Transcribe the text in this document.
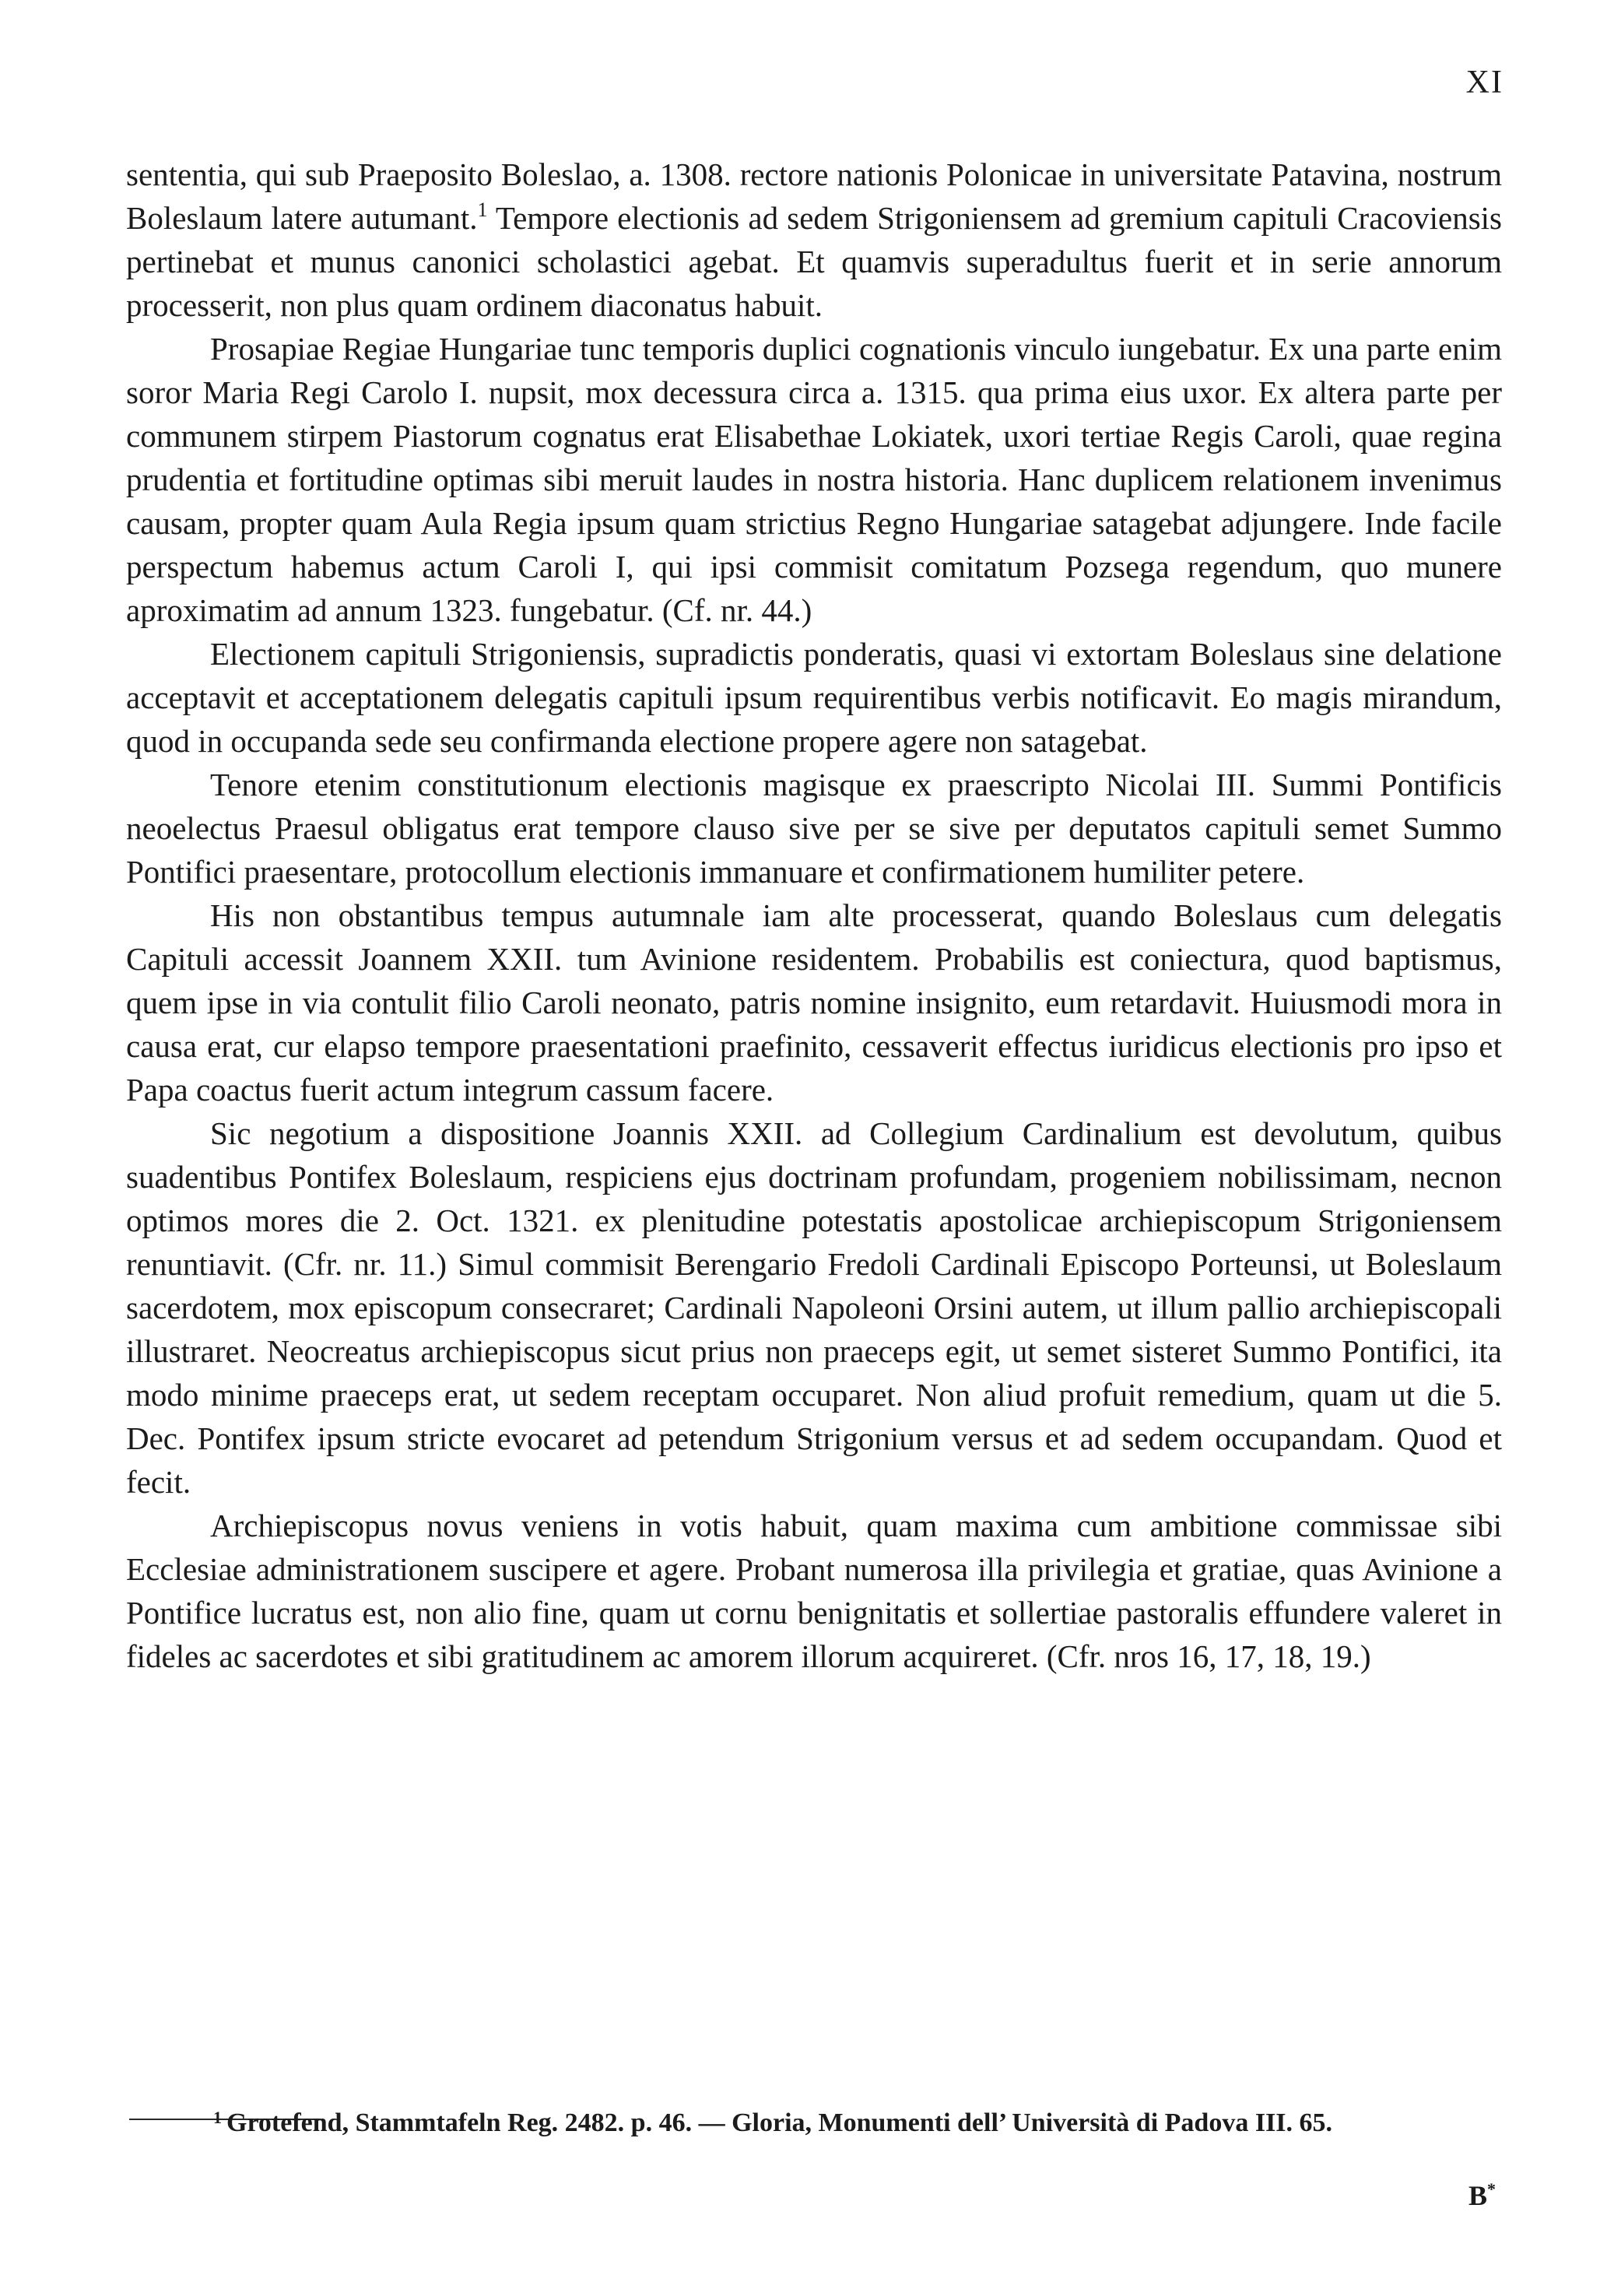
XI

sententia, qui sub Praeposito Boleslao, a. 1308. rectore nationis Polonicae in universitate Patavina, nostrum Boleslaum latere autumant.$^1$ Tempore electionis ad sedem Strigoniensem ad gremium capituli Cracoviensis pertinebat et munus canonici scholastici agebat. Et quamvis superadultus fuerit et in serie annorum processerit, non plus quam ordinem diaconatus habuit.

Prosapiae Regiae Hungariae tunc temporis duplici cognationis vinculo iungebatur. Ex una parte enim soror Maria Regi Carolo I. nupsit, mox decessura circa a. 1315. qua prima eius uxor. Ex altera parte per communem stirpem Piastorum cognatus erat Elisabethae Lokiatek, uxori tertiae Regis Caroli, quae regina prudentia et fortitudine optimas sibi meruit laudes in nostra historia. Hanc duplicem relationem invenimus causam, propter quam Aula Regia ipsum quam strictius Regno Hungariae satagebat adjungere. Inde facile perspectum habemus actum Caroli I, qui ipsi commisit comitatum Pozsega regendum, quo munere aproximatim ad annum 1323. fungebatur. (Cf. nr. 44.)

Electionem capituli Strigoniensis, supradictis ponderatis, quasi vi extortam Boleslaus sine delatione acceptavit et acceptationem delegatis capituli ipsum requirentibus verbis notificavit. Eo magis mirandum, quod in occupanda sede seu confirmanda electione propere agere non satagebat.

Tenore etenim constitutionum electionis magisque ex praescripto Nicolai III. Summi Pontificis neoelectus Praesul obligatus erat tempore clauso sive per se sive per deputatos capituli semet Summo Pontifici praesentare, protocollum electionis immanuare et confirmationem humiliter petere.

His non obstantibus tempus autumnale iam alte processerat, quando Boleslaus cum delegatis Capituli accessit Joannem XXII. tum Avinione residentem. Probabilis est coniectura, quod baptismus, quem ipse in via contulit filio Caroli neonato, patris nomine insignito, eum retardavit. Huiusmodi mora in causa erat, cur elapso tempore praesentationi praefinito, cessaverit effectus iuridicus electionis pro ipso et Papa coactus fuerit actum integrum cassum facere.

Sic negotium a dispositione Joannis XXII. ad Collegium Cardinalium est devolutum, quibus suadentibus Pontifex Boleslaum, respiciens ejus doctrinam profundam, progeniem nobilissimam, necnon optimos mores die 2. Oct. 1321. ex plenitudine potestatis apostolicae archiepiscopum Strigoniensem renuntiavit. (Cfr. nr. 11.) Simul commisit Berengario Fredoli Cardinali Episcopo Porteunsi, ut Boleslaum sacerdotem, mox episcopum consecraret; Cardinali Napoleoni Orsini autem, ut illum pallio archiepiscopali illustraret. Neocreatus archiepiscopus sicut prius non praeceps egit, ut semet sisteret Summo Pontifici, ita modo minime praeceps erat, ut sedem receptam occuparet. Non aliud profuit remedium, quam ut die 5. Dec. Pontifex ipsum stricte evocaret ad petendum Strigonium versus et ad sedem occupandam. Quod et fecit.

Archiepiscopus novus veniens in votis habuit, quam maxima cum ambitione commissae sibi Ecclesiae administrationem suscipere et agere. Probant numerosa illa privilegia et gratiae, quas Avinione a Pontifice lucratus est, non alio fine, quam ut cornu benignitatis et sollertiae pastoralis effundere valeret in fideles ac sacerdotes et sibi gratitudinem ac amorem illorum acquireret. (Cfr. nros 16, 17, 18, 19.)

$^1$ Grotefend, Stammtafeln Reg. 2482. p. 46. — Gloria, Monumenti dell’ Università di Padova III. 65.

B*
